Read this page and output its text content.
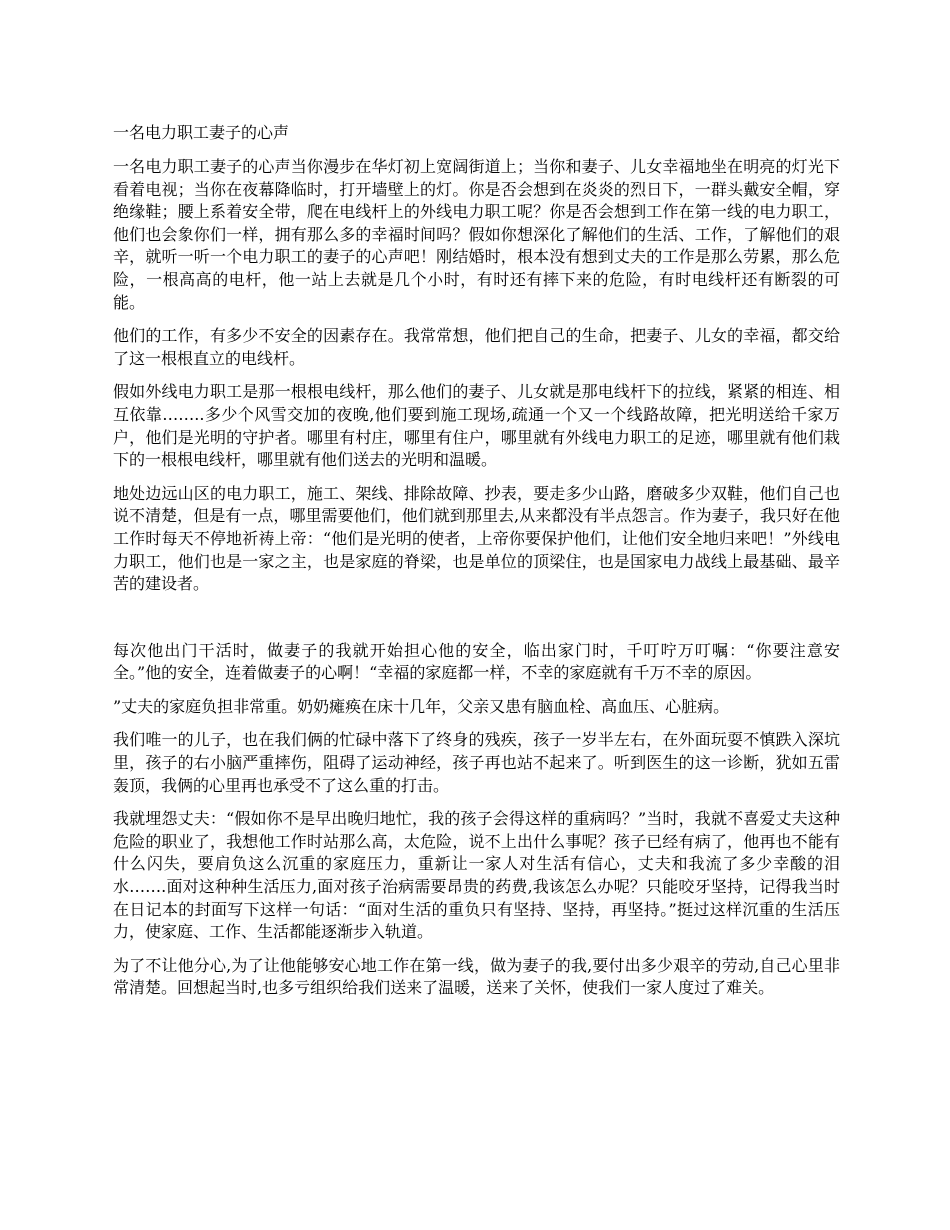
一名电力职工妻子的心声

一名电力职工妻子的心声当你漫步在华灯初上宽阔街道上；当你和妻子、儿女幸福地坐在明亮的灯光下看着电视；当你在夜幕降临时，打开墙壁上的灯。你是否会想到在炎炎的烈日下，一群头戴安全帽，穿绝缘鞋；腰上系着安全带，爬在电线杆上的外线电力职工呢？你是否会想到工作在第一线的电力职工，他们也会象你们一样，拥有那么多的幸福时间吗？假如你想深化了解他们的生活、工作，了解他们的艰辛，就听一听一个电力职工的妻子的心声吧！刚结婚时，根本没有想到丈夫的工作是那么劳累，那么危险，一根高高的电杆，他一站上去就是几个小时，有时还有摔下来的危险，有时电线杆还有断裂的可能。

他们的工作，有多少不安全的因素存在。我常常想，他们把自己的生命，把妻子、儿女的幸福，都交给了这一根根直立的电线杆。

假如外线电力职工是那一根根电线杆，那么他们的妻子、儿女就是那电线杆下的拉线，紧紧的相连、相互依靠……..多少个风雪交加的夜晚,他们要到施工现场,疏通一个又一个线路故障，把光明送给千家万户，他们是光明的守护者。哪里有村庄，哪里有住户，哪里就有外线电力职工的足迹，哪里就有他们栽下的一根根电线杆，哪里就有他们送去的光明和温暖。

地处边远山区的电力职工，施工、架线、排除故障、抄表，要走多少山路，磨破多少双鞋，他们自己也说不清楚，但是有一点，哪里需要他们，他们就到那里去,从来都没有半点怨言。作为妻子，我只好在他工作时每天不停地祈祷上帝：“他们是光明的使者，上帝你要保护他们，让他们安全地归来吧！”外线电力职工，他们也是一家之主，也是家庭的脊梁，也是单位的顶梁住，也是国家电力战线上最基础、最辛苦的建设者。

每次他出门干活时，做妻子的我就开始担心他的安全，临出家门时，千叮咛万叮嘱：“你要注意安全。”他的安全，连着做妻子的心啊！“幸福的家庭都一样，不幸的家庭就有千万不幸的原因。

”丈夫的家庭负担非常重。奶奶瘫痪在床十几年，父亲又患有脑血栓、高血压、心脏病。

我们唯一的儿子，也在我们俩的忙碌中落下了终身的残疾，孩子一岁半左右，在外面玩耍不慎跌入深坑里，孩子的右小脑严重摔伤，阻碍了运动神经，孩子再也站不起来了。听到医生的这一诊断，犹如五雷轰顶，我俩的心里再也承受不了这么重的打击。

我就埋怨丈夫：“假如你不是早出晚归地忙，我的孩子会得这样的重病吗？”当时，我就不喜爱丈夫这种危险的职业了，我想他工作时站那么高，太危险，说不上出什么事呢？孩子已经有病了，他再也不能有什么闪失，要肩负这么沉重的家庭压力，重新让一家人对生活有信心，丈夫和我流了多少幸酸的泪水…….面对这种种生活压力,面对孩子治病需要昂贵的药费,我该怎么办呢？只能咬牙坚持，记得我当时在日记本的封面写下这样一句话：“面对生活的重负只有坚持、坚持，再坚持。”挺过这样沉重的生活压力，使家庭、工作、生活都能逐渐步入轨道。

为了不让他分心,为了让他能够安心地工作在第一线，做为妻子的我,要付出多少艰辛的劳动,自己心里非常清楚。回想起当时,也多亏组织给我们送来了温暖，送来了关怀，使我们一家人度过了难关。
